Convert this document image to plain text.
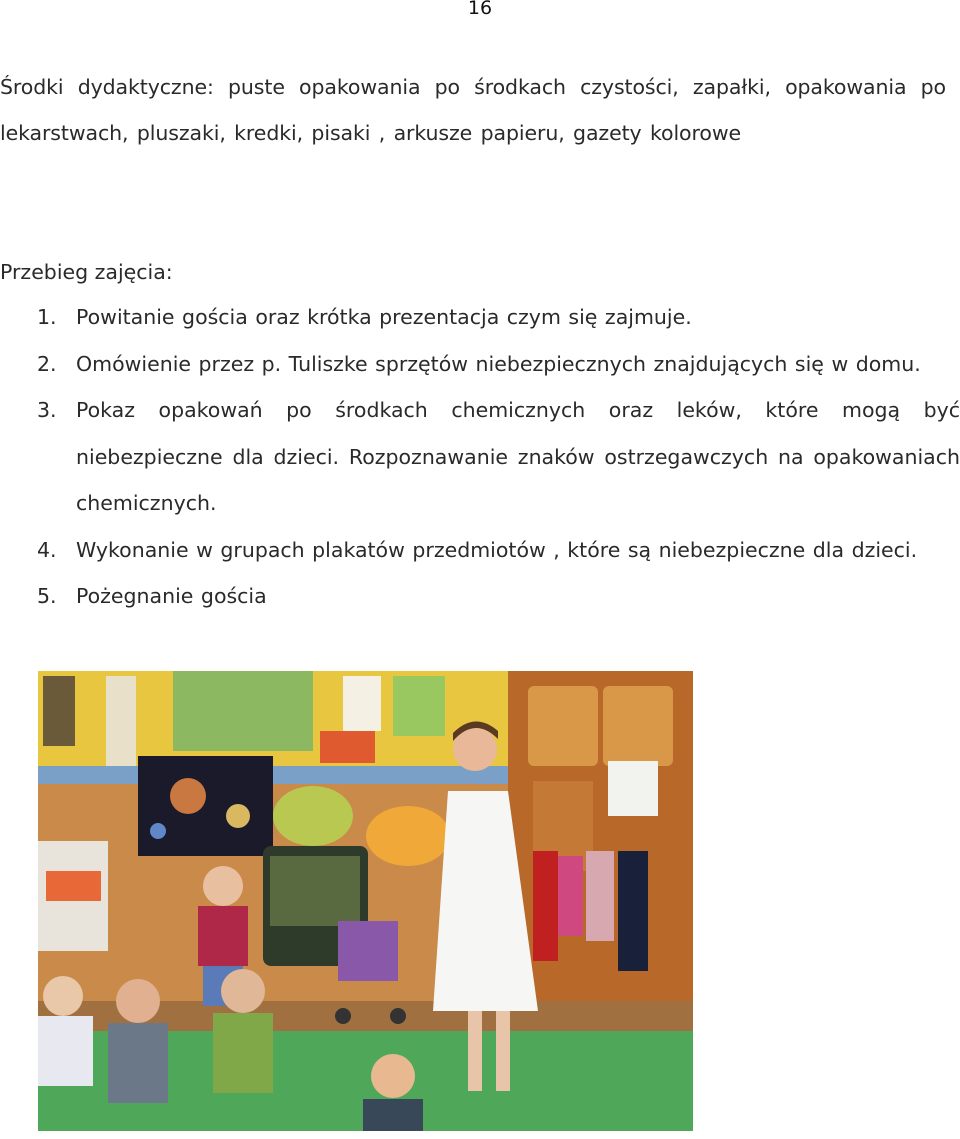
16

Środki dydaktyczne: puste opakowania po środkach czystości, zapałki, opakowania po lekarstwach, pluszaki, kredki, pisaki , arkusze papieru, gazety kolorowe

Przebieg zajęcia:
1. Powitanie gościa oraz krótka prezentacja czym się zajmuje.
2. Omówienie przez p. Tuliszke sprzętów niebezpiecznych znajdujących się w domu.
3. Pokaz opakowań po środkach chemicznych oraz leków, które mogą być niebezpieczne dla dzieci. Rozpoznawanie znaków ostrzegawczych na opakowaniach chemicznych.
4. Wykonanie w grupach plakatów przedmiotów , które są niebezpieczne dla dzieci.
5. Pożegnanie gościa
